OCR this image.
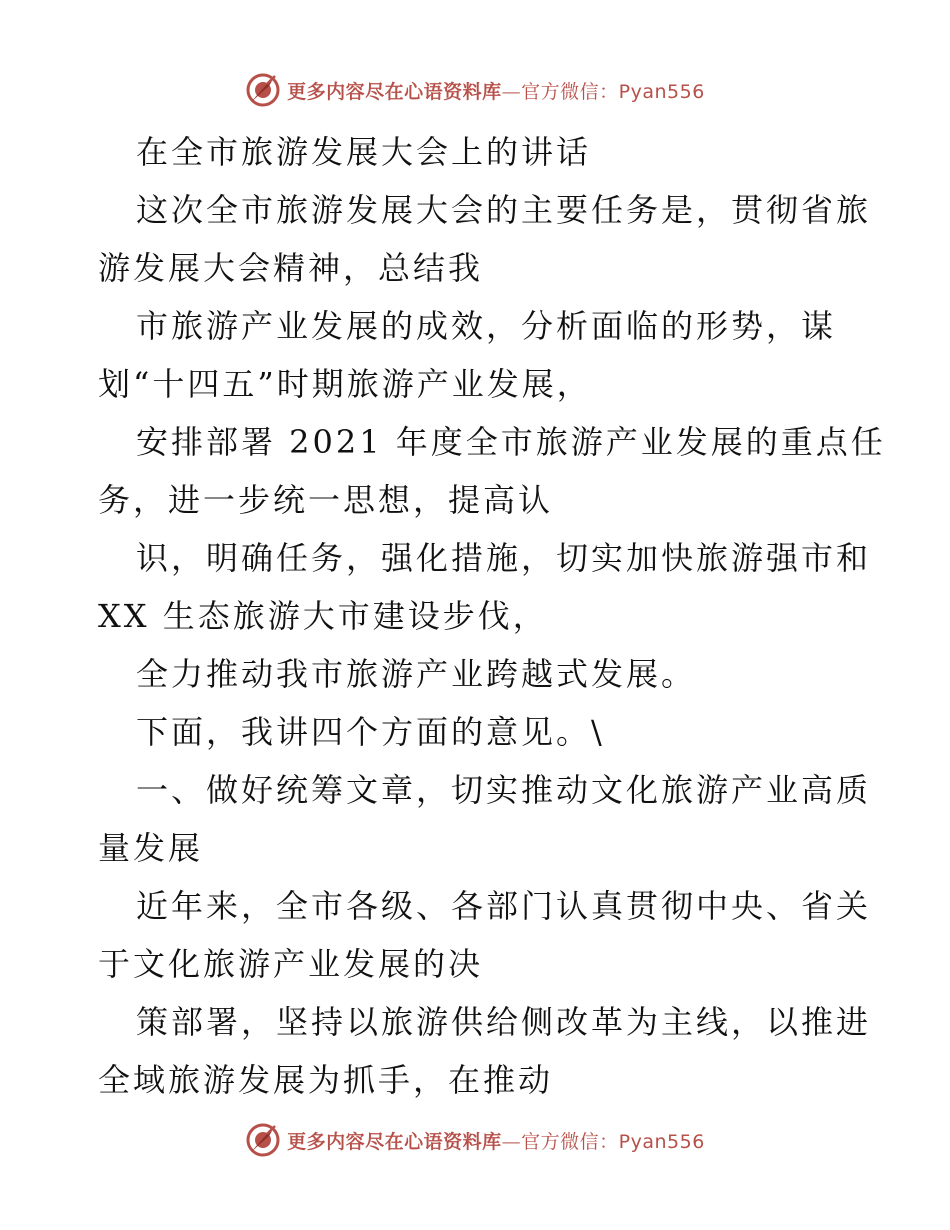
更多内容尽在心语资料库—官方微信：Pyan556
在全市旅游发展大会上的讲话
这次全市旅游发展大会的主要任务是，贯彻省旅
游发展大会精神，总结我
市旅游产业发展的成效，分析面临的形势，谋
划“十四五”时期旅游产业发展，
安排部署 2021 年度全市旅游产业发展的重点任
务，进一步统一思想，提高认
识，明确任务，强化措施，切实加快旅游强市和
XX 生态旅游大市建设步伐，
全力推动我市旅游产业跨越式发展。
下面，我讲四个方面的意见。\
一、做好统筹文章，切实推动文化旅游产业高质
量发展
近年来，全市各级、各部门认真贯彻中央、省关
于文化旅游产业发展的决
策部署，坚持以旅游供给侧改革为主线，以推进
全域旅游发展为抓手，在推动
更多内容尽在心语资料库—官方微信：Pyan556
